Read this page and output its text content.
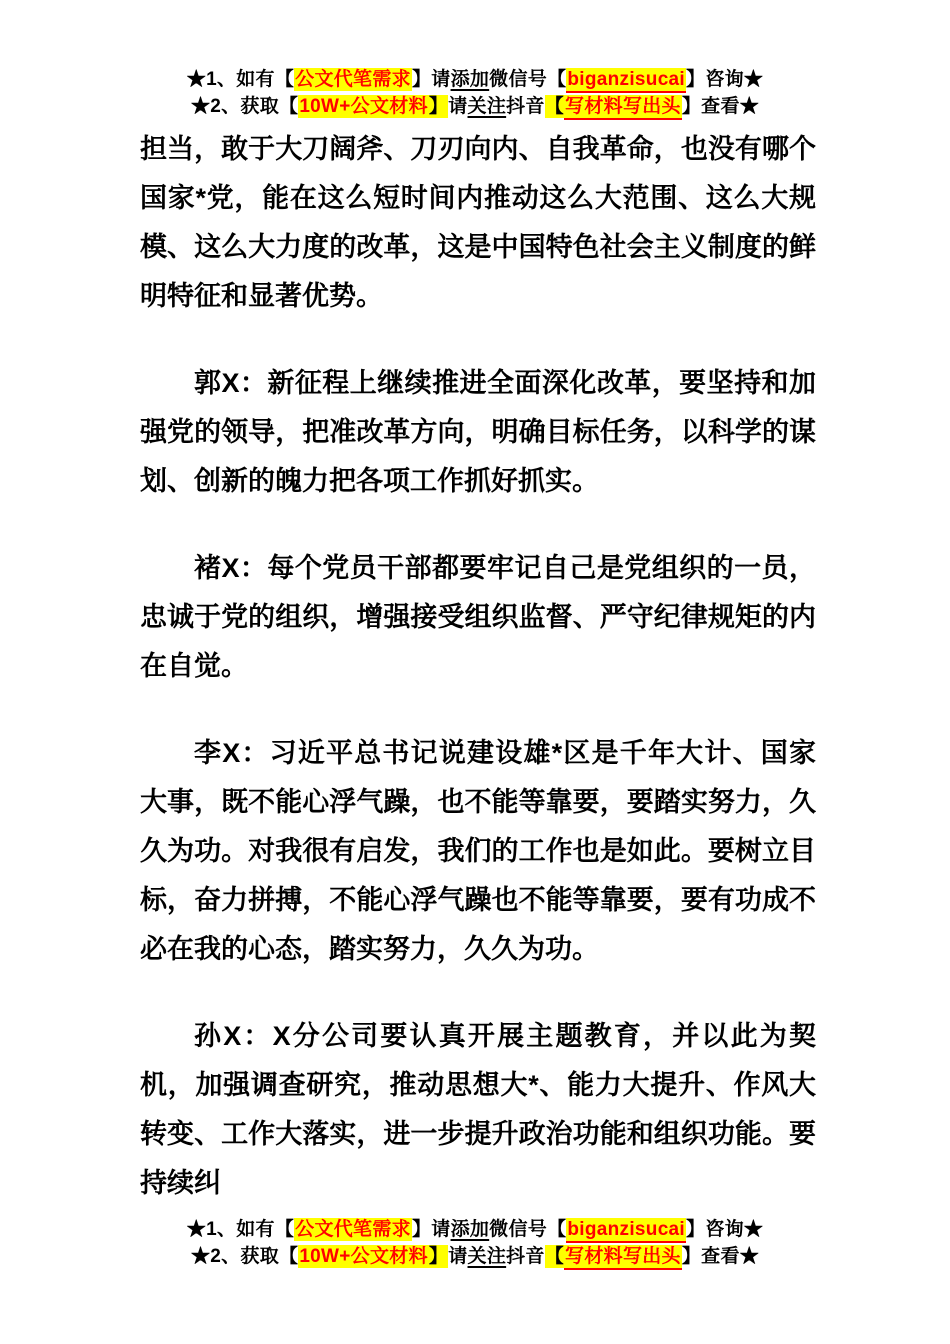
★1、如有【公文代笔需求】请添加微信号【biganzisucai】咨询★
★2、获取【10W+公文材料】请关注抖音【写材料写出头】查看★

担当，敢于大刀阔斧、刀刃向内、自我革命，也没有哪个国家*党，能在这么短时间内推动这么大范围、这么大规模、这么大力度的改革，这是中国特色社会主义制度的鲜明特征和显著优势。

郭X：新征程上继续推进全面深化改革，要坚持和加强党的领导，把准改革方向，明确目标任务，以科学的谋划、创新的魄力把各项工作抓好抓实。

褚X：每个党员干部都要牢记自己是党组织的一员，忠诚于党的组织，增强接受组织监督、严守纪律规矩的内在自觉。

李X：习近平总书记说建设雄*区是千年大计、国家大事，既不能心浮气躁，也不能等靠要，要踏实努力，久久为功。对我很有启发，我们的工作也是如此。要树立目标，奋力拼搏，不能心浮气躁也不能等靠要，要有功成不必在我的心态，踏实努力，久久为功。

孙X：X分公司要认真开展主题教育，并以此为契机，加强调查研究，推动思想大*、能力大提升、作风大转变、工作大落实，进一步提升政治功能和组织功能。要持续纠

★1、如有【公文代笔需求】请添加微信号【biganzisucai】咨询★
★2、获取【10W+公文材料】请关注抖音【写材料写出头】查看★
